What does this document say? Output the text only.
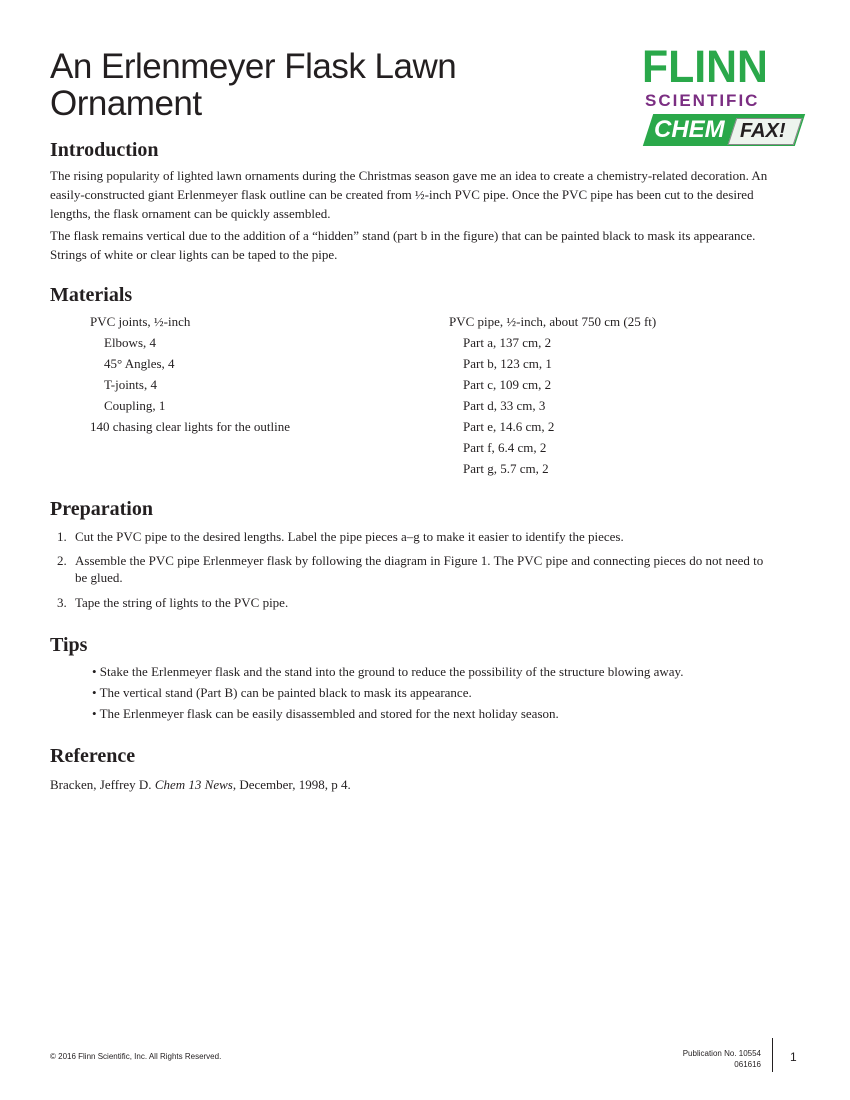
An Erlenmeyer Flask Lawn Ornament
FLINN
SCIENTIFIC
CHEM FAX!
Introduction

The rising popularity of lighted lawn ornaments during the Christmas season gave me an idea to create a chemistry-related decoration. An easily-constructed giant Erlenmeyer flask outline can be created from ½-inch PVC pipe. Once the PVC pipe has been cut to the desired lengths, the flask ornament can be quickly assembled.

The flask remains vertical due to the addition of a “hidden” stand (part b in the figure) that can be painted black to mask its appearance. Strings of white or clear lights can be taped to the pipe.

Materials

PVC joints, ½-inch

Elbows, 4

45° Angles, 4

T-joints, 4

Coupling, 1

140 chasing clear lights for the outline

PVC pipe, ½-inch, about 750 cm (25 ft)

Part a, 137 cm, 2

Part b, 123 cm, 1

Part c, 109 cm, 2

Part d, 33 cm, 3

Part e, 14.6 cm, 2

Part f, 6.4 cm, 2

Part g, 5.7 cm, 2

Preparation

1. Cut the PVC pipe to the desired lengths. Label the pipe pieces a–g to make it easier to identify the pieces.

2. Assemble the PVC pipe Erlenmeyer flask by following the diagram in Figure 1. The PVC pipe and connecting pieces do not need to be glued.

3. Tape the string of lights to the PVC pipe.

Tips

• Stake the Erlenmeyer flask and the stand into the ground to reduce the possibility of the structure blowing away.

• The vertical stand (Part B) can be painted black to mask its appearance.

• The Erlenmeyer flask can be easily disassembled and stored for the next holiday season.

Reference

Bracken, Jeffrey D. Chem 13 News, December, 1998, p 4.

© 2016 Flinn Scientific, Inc. All Rights Reserved.	Publication No. 10554

061616

1
